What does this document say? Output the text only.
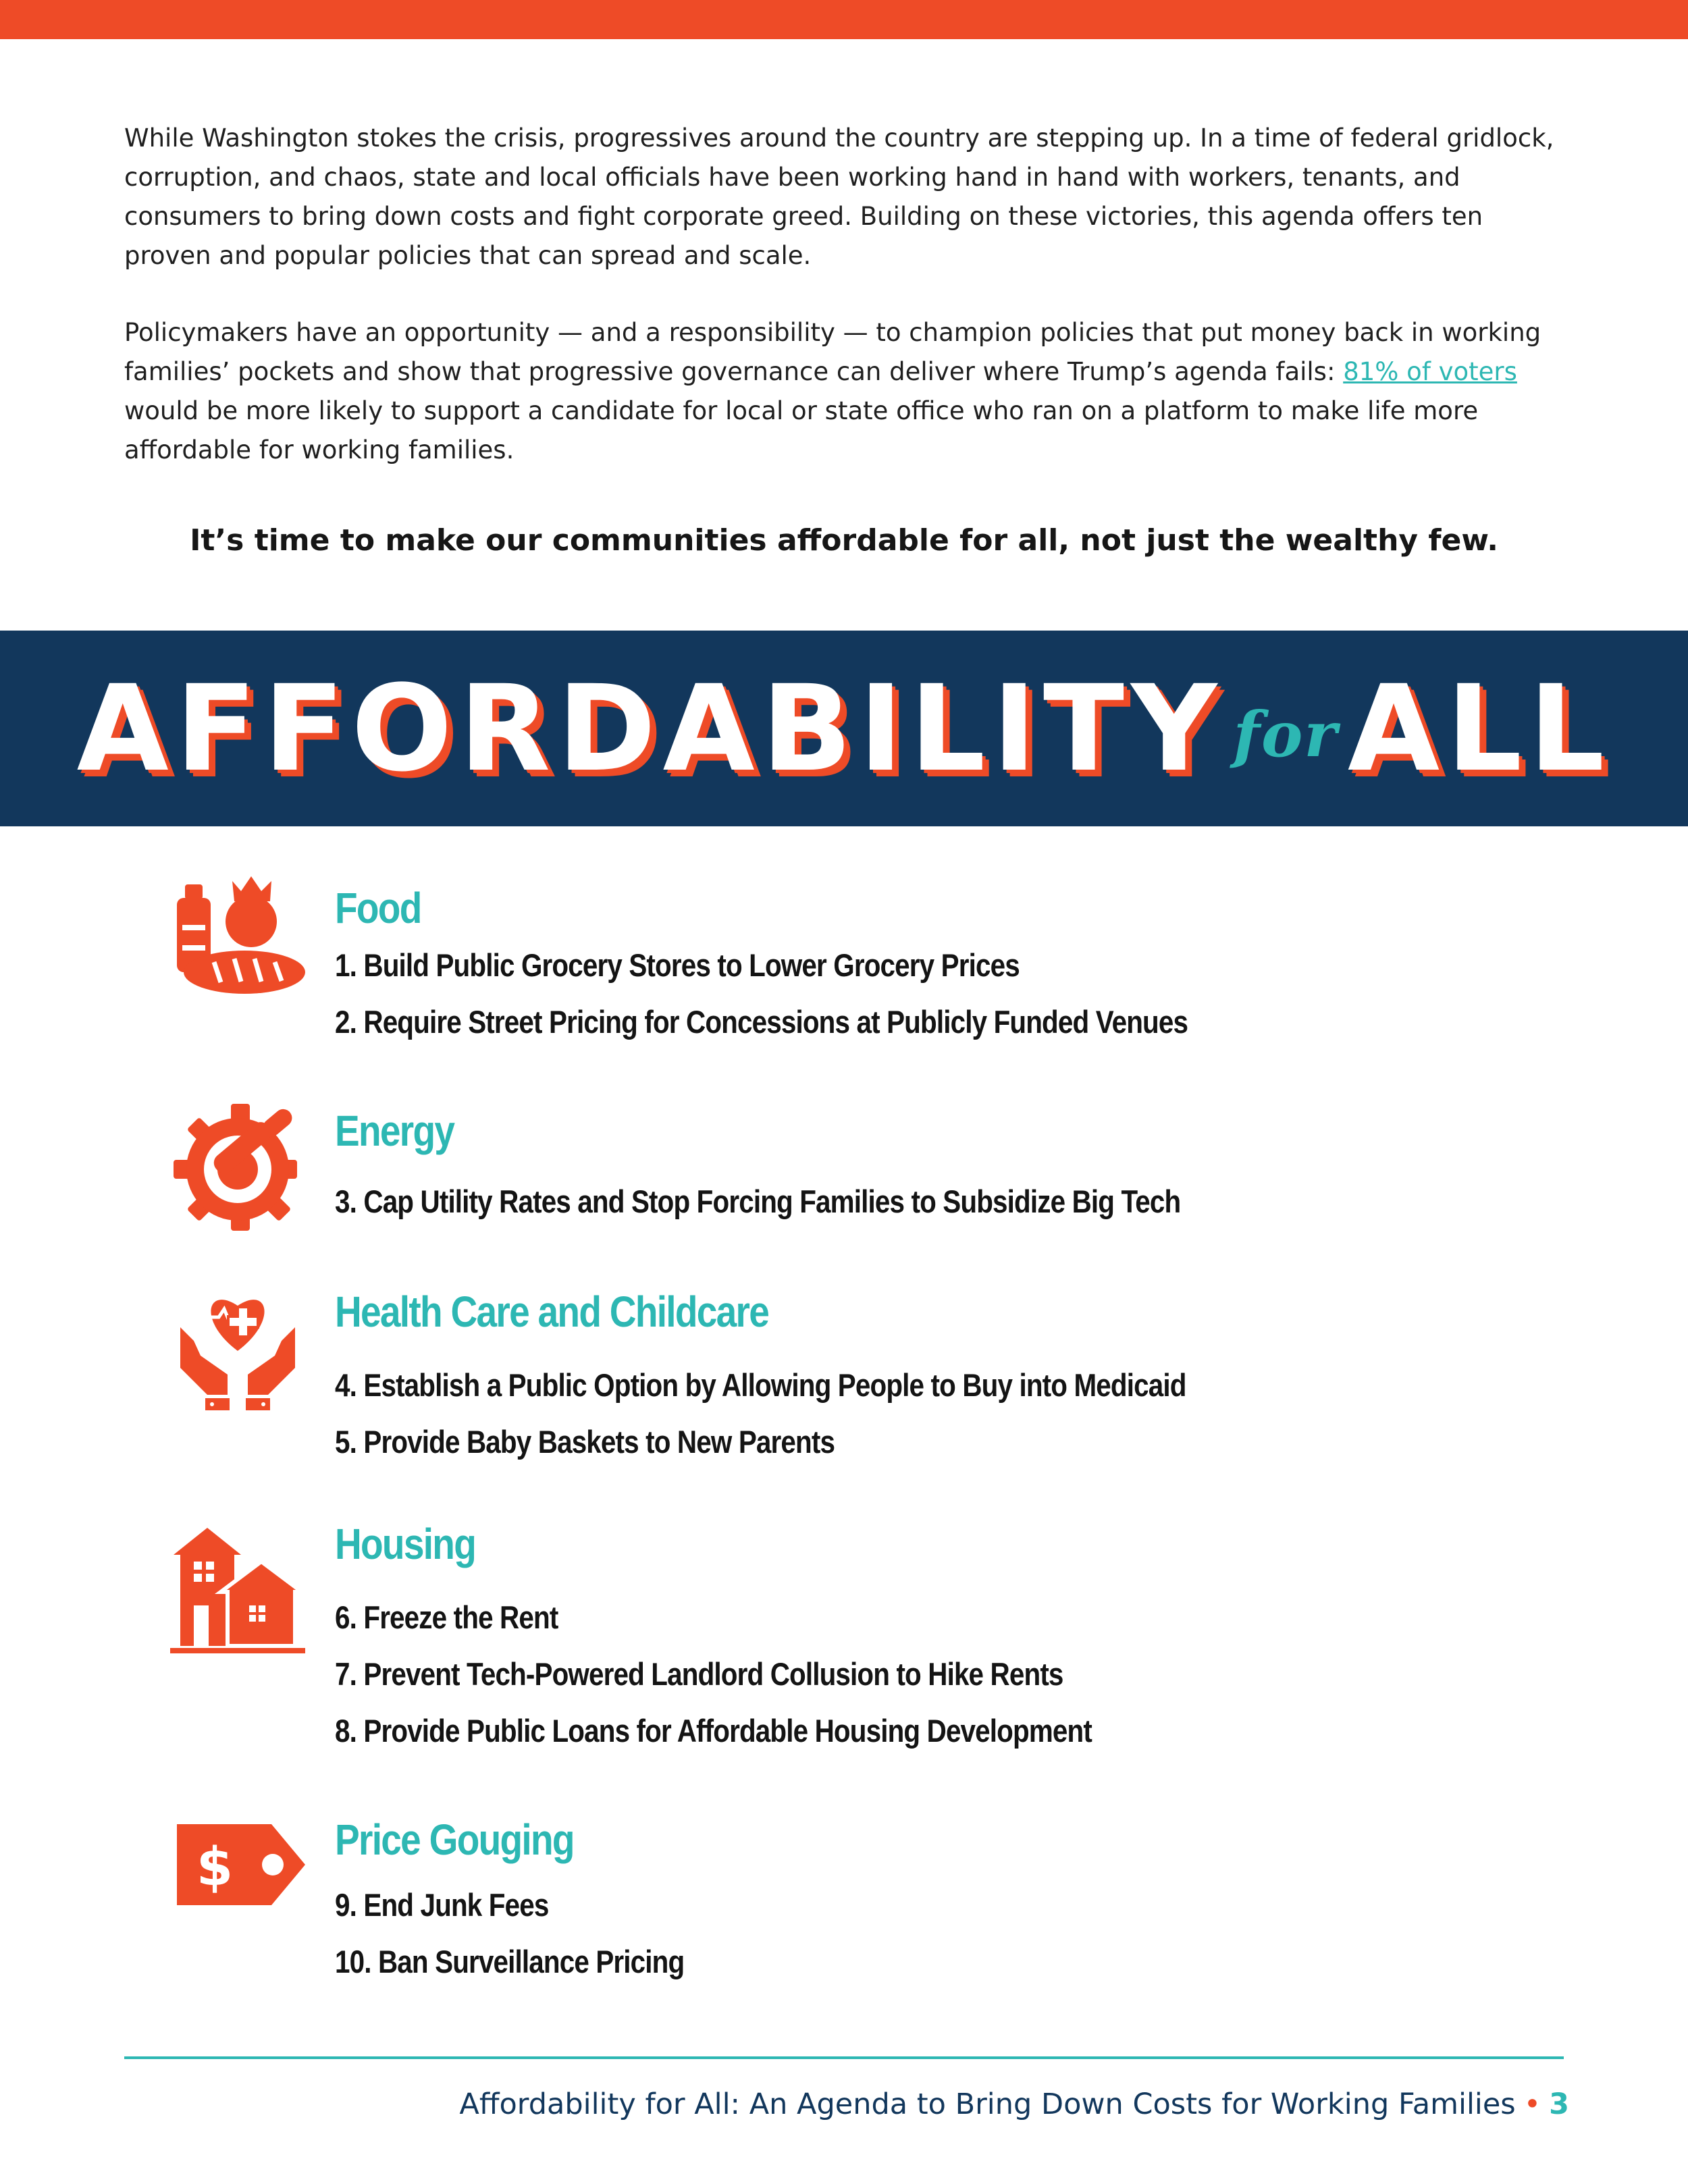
While Washington stokes the crisis, progressives around the country are stepping up. In a time of federal gridlock, corruption, and chaos, state and local officials have been working hand in hand with workers, tenants, and consumers to bring down costs and fight corporate greed. Building on these victories, this agenda offers ten proven and popular policies that can spread and scale.

Policymakers have an opportunity — and a responsibility — to champion policies that put money back in working families’ pockets and show that progressive governance can deliver where Trump’s agenda fails: 81% of voters would be more likely to support a candidate for local or state office who ran on a platform to make life more affordable for working families.

It’s time to make our communities affordable for all, not just the wealthy few.
AFFORDABILITY forALL
Food
1. Build Public Grocery Stores to Lower Grocery Prices
2. Require Street Pricing for Concessions at Publicly Funded Venues
Energy
3. Cap Utility Rates and Stop Forcing Families to Subsidize Big Tech
Health Care and Childcare
4. Establish a Public Option by Allowing People to Buy into Medicaid
5. Provide Baby Baskets to New Parents
Housing
6. Freeze the Rent
7. Prevent Tech-Powered Landlord Collusion to Hike Rents
8. Provide Public Loans for Affordable Housing Development
$ Price Gouging
9. End Junk Fees
10. Ban Surveillance Pricing
Affordability for All: An Agenda to Bring Down Costs for Working Families • 3
